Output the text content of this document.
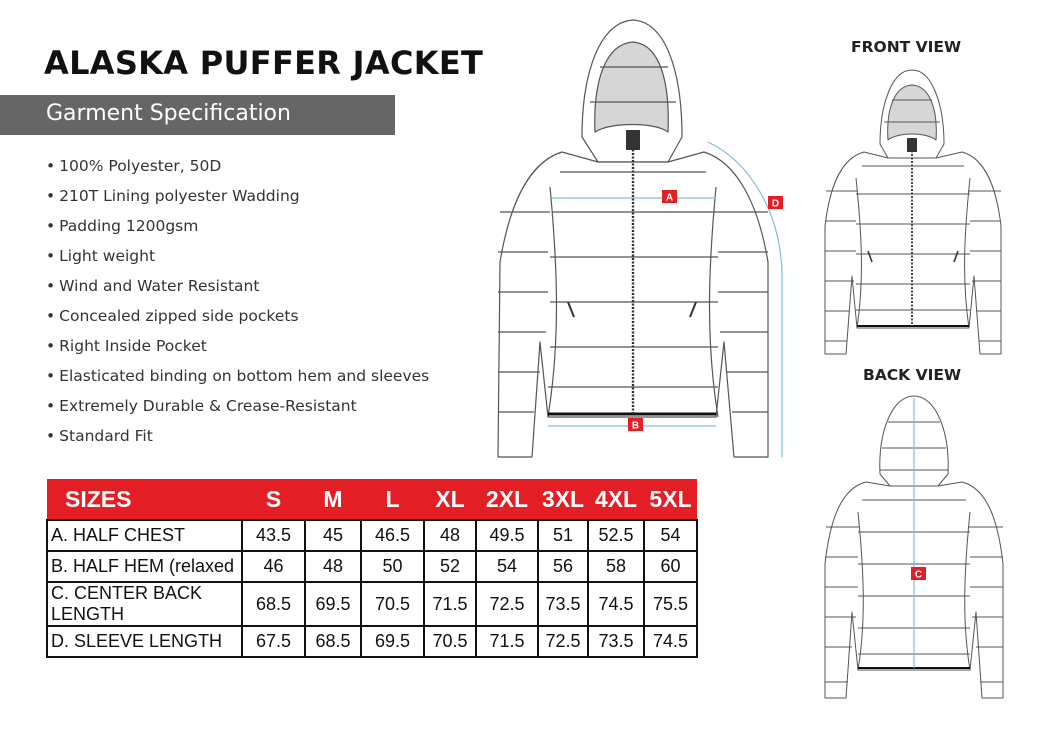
ALASKA PUFFER JACKET
Garment Specification
• 100% Polyester, 50D
• 210T Lining polyester Wadding
• Padding 1200gsm
• Light weight
• Wind and Water Resistant
• Concealed zipped side pockets
• Right Inside Pocket
• Elasticated binding on bottom hem and sleeves
• Extremely Durable & Crease-Resistant
• Standard Fit
SIZES	S	M	L	XL	2XL	3XL	4XL	5XL
A. HALF CHEST	43.5	45	46.5	48	49.5	51	52.5	54
B. HALF HEM (relaxed	46	48	50	52	54	56	58	60
C. CENTER BACK LENGTH	68.5	69.5	70.5	71.5	72.5	73.5	74.5	75.5
D. SLEEVE LENGTH	67.5	68.5	69.5	70.5	71.5	72.5	73.5	74.5
A
B
D
FRONT VIEW
BACK VIEW
C
